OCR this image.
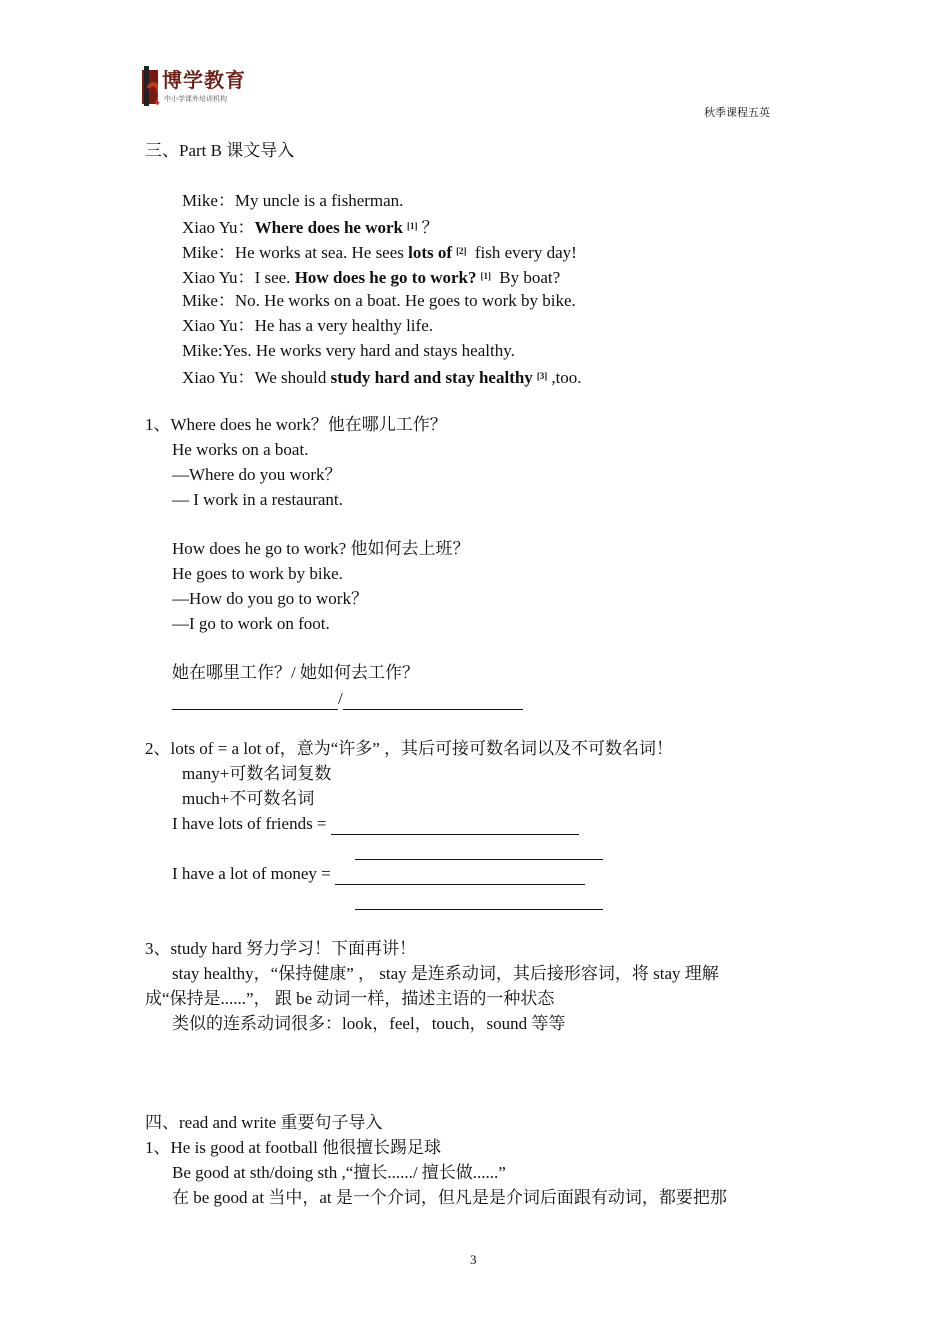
博学教育
中小学课外培训机构
秋季课程五英
三、Part B 课文导入
Mike：My uncle is a fisherman.
Xiao Yu：Where does he work [1] ？
Mike：He works at sea. He sees lots of [2] fish every day!
Xiao Yu：I see. How does he go to work? [1] By boat?
Mike：No. He works on a boat. He goes to work by bike.
Xiao Yu：He has a very healthy life.
Mike:Yes. He works very hard and stays healthy.
Xiao Yu：We should study hard and stay healthy [3] ,too.
1、Where does he work？他在哪儿工作？
He works on a boat.
—Where do you work？
— I work in a restaurant.
How does he go to work? 他如何去上班？
He goes to work by bike.
—How do you go to work？
—I go to work on foot.
她在哪里工作？/ 她如何去工作？
/
2、lots of = a lot of，意为“许多” ，其后可接可数名词以及不可数名词！
many+可数名词复数
much+不可数名词
I have lots of friends =
I have a lot of money =
3、study hard 努力学习！下面再讲！
stay healthy，“保持健康” ， stay 是连系动词，其后接形容词，将 stay 理解
成“保持是......”， 跟 be 动词一样，描述主语的一种状态
类似的连系动词很多：look，feel，touch，sound 等等
四、read and write 重要句子导入
1、He is good at football 他很擅长踢足球
Be good at sth/doing sth ,“擅长....../ 擅长做......”
在 be good at 当中，at 是一个介词，但凡是是介词后面跟有动词，都要把那
3
